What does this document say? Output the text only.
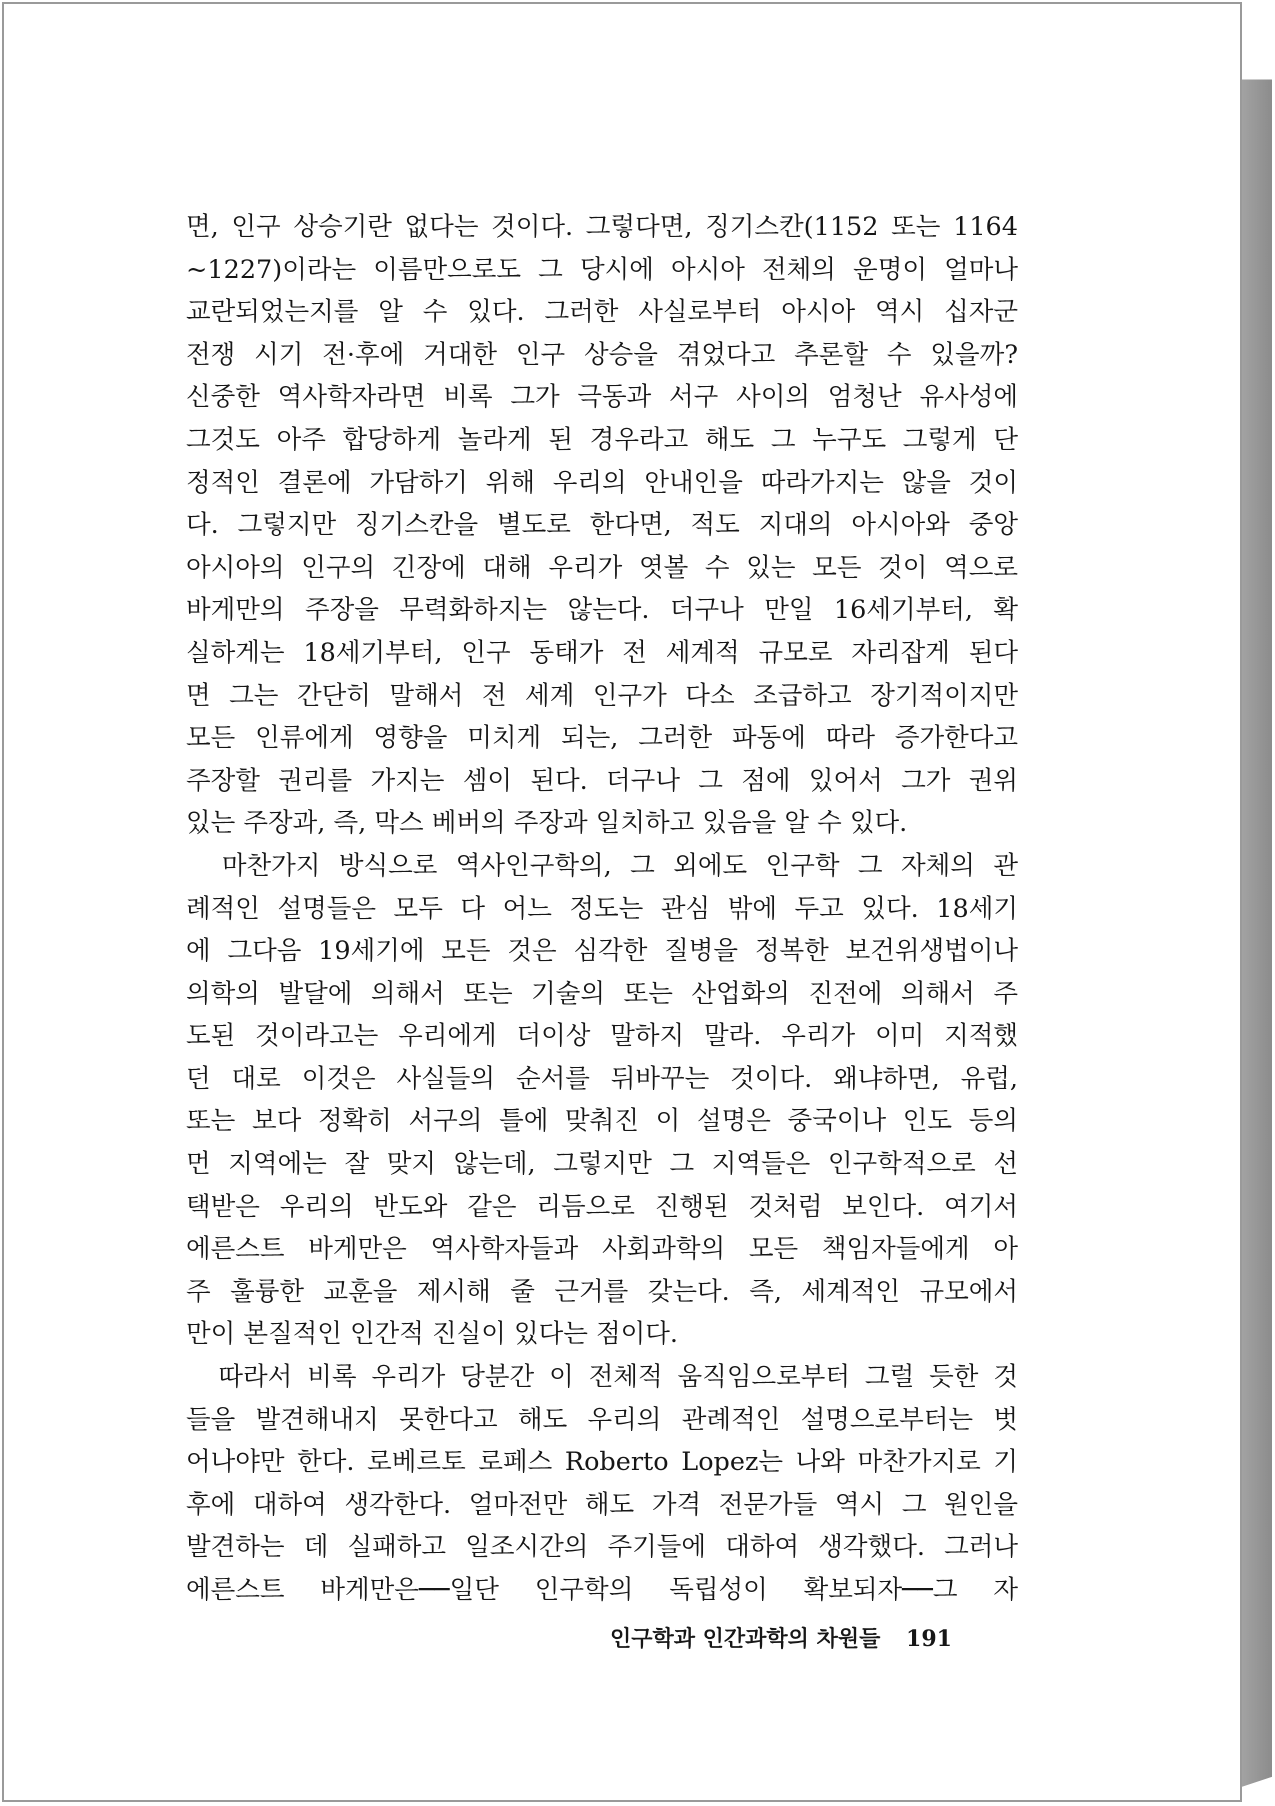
면, 인구 상승기란 없다는 것이다. 그렇다면, 징기스칸(1152 또는 1164
~1227)이라는 이름만으로도 그 당시에 아시아 전체의 운명이 얼마나
교란되었는지를 알 수 있다. 그러한 사실로부터 아시아 역시 십자군
전쟁 시기 전·후에 거대한 인구 상승을 겪었다고 추론할 수 있을까?
신중한 역사학자라면 비록 그가 극동과 서구 사이의 엄청난 유사성에
그것도 아주 합당하게 놀라게 된 경우라고 해도 그 누구도 그렇게 단
정적인 결론에 가담하기 위해 우리의 안내인을 따라가지는 않을 것이
다. 그렇지만 징기스칸을 별도로 한다면, 적도 지대의 아시아와 중앙
아시아의 인구의 긴장에 대해 우리가 엿볼 수 있는 모든 것이 역으로
바게만의 주장을 무력화하지는 않는다. 더구나 만일 16세기부터, 확
실하게는 18세기부터, 인구 동태가 전 세계적 규모로 자리잡게 된다
면 그는 간단히 말해서 전 세계 인구가 다소 조급하고 장기적이지만
모든 인류에게 영향을 미치게 되는, 그러한 파동에 따라 증가한다고
주장할 권리를 가지는 셈이 된다. 더구나 그 점에 있어서 그가 권위
있는 주장과, 즉, 막스 베버의 주장과 일치하고 있음을 알 수 있다.
　마찬가지 방식으로 역사인구학의, 그 외에도 인구학 그 자체의 관
례적인 설명들은 모두 다 어느 정도는 관심 밖에 두고 있다. 18세기
에 그다음 19세기에 모든 것은 심각한 질병을 정복한 보건위생법이나
의학의 발달에 의해서 또는 기술의 또는 산업화의 진전에 의해서 주
도된 것이라고는 우리에게 더이상 말하지 말라. 우리가 이미 지적했
던 대로 이것은 사실들의 순서를 뒤바꾸는 것이다. 왜냐하면, 유럽,
또는 보다 정확히 서구의 틀에 맞춰진 이 설명은 중국이나 인도 등의
먼 지역에는 잘 맞지 않는데, 그렇지만 그 지역들은 인구학적으로 선
택받은 우리의 반도와 같은 리듬으로 진행된 것처럼 보인다. 여기서
에른스트 바게만은 역사학자들과 사회과학의 모든 책임자들에게 아
주 훌륭한 교훈을 제시해 줄 근거를 갖는다. 즉, 세계적인 규모에서
만이 본질적인 인간적 진실이 있다는 점이다.
　따라서 비록 우리가 당분간 이 전체적 움직임으로부터 그럴 듯한 것
들을 발견해내지 못한다고 해도 우리의 관례적인 설명으로부터는 벗
어나야만 한다. 로베르토 로페스 Roberto Lopez는 나와 마찬가지로 기
후에 대하여 생각한다. 얼마전만 해도 가격 전문가들 역시 그 원인을
발견하는 데 실패하고 일조시간의 주기들에 대하여 생각했다. 그러나
에른스트 바게만은──일단 인구학의 독립성이 확보되자──그 자
인구학과 인간과학의 차원들 191
